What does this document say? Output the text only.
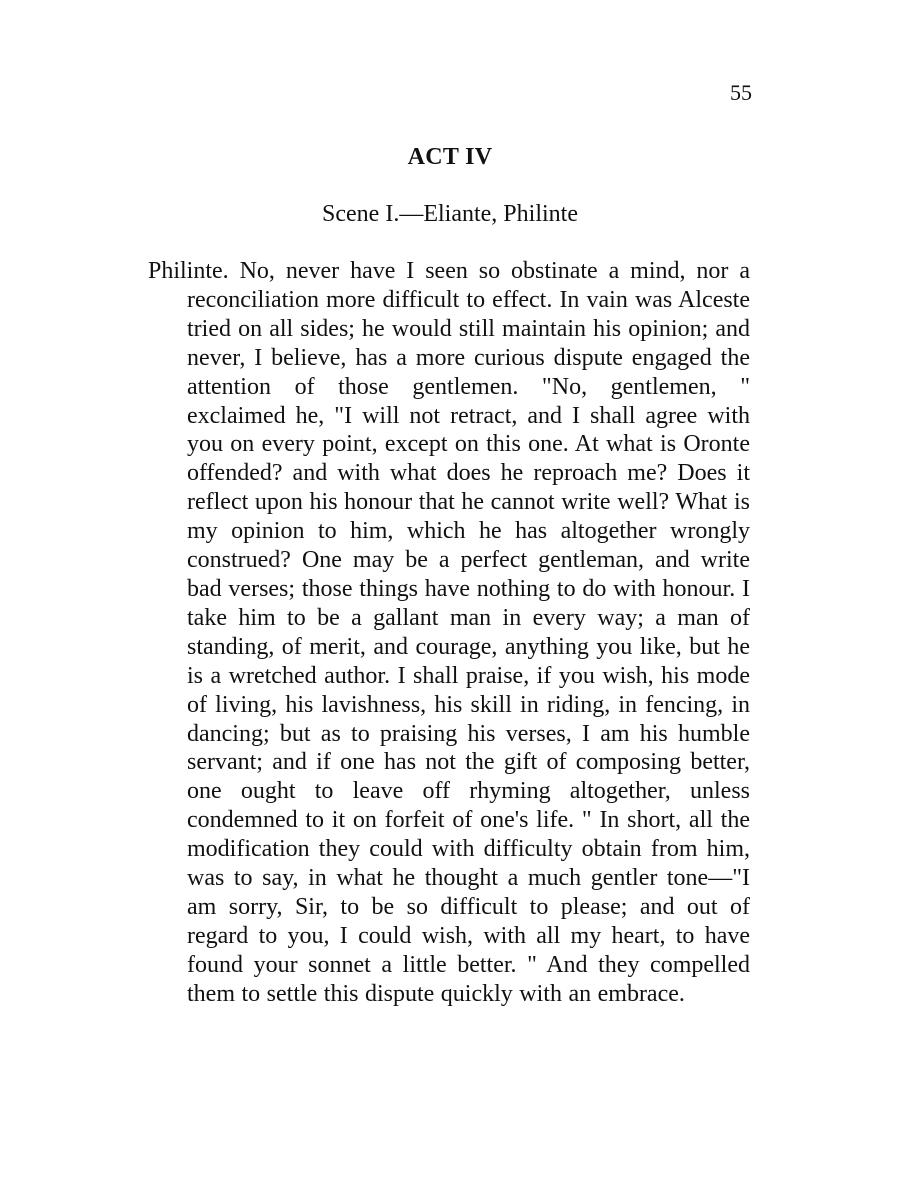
55
ACT IV
Scene I.—Eliante, Philinte

Philinte. No, never have I seen so obstinate a mind, nor a reconciliation more difficult to effect. In vain was Alceste tried on all sides; he would still maintain his opinion; and never, I believe, has a more curious dispute engaged the attention of those gentlemen. "No, gentlemen, " exclaimed he, "I will not retract, and I shall agree with you on every point, except on this one. At what is Oronte offended? and with what does he reproach me? Does it reflect upon his honour that he cannot write well? What is my opinion to him, which he has altogether wrongly construed? One may be a perfect gentleman, and write bad verses; those things have nothing to do with honour. I take him to be a gallant man in every way; a man of standing, of merit, and courage, anything you like, but he is a wretched author. I shall praise, if you wish, his mode of living, his lavishness, his skill in riding, in fencing, in dancing; but as to praising his verses, I am his humble servant; and if one has not the gift of composing better, one ought to leave off rhyming altogether, unless condemned to it on forfeit of one's life. " In short, all the modification they could with difficulty obtain from him, was to say, in what he thought a much gentler tone—"I am sorry, Sir, to be so difficult to please; and out of regard to you, I could wish, with all my heart, to have found your sonnet a little better. " And they compelled them to settle this dispute quickly with an embrace.
